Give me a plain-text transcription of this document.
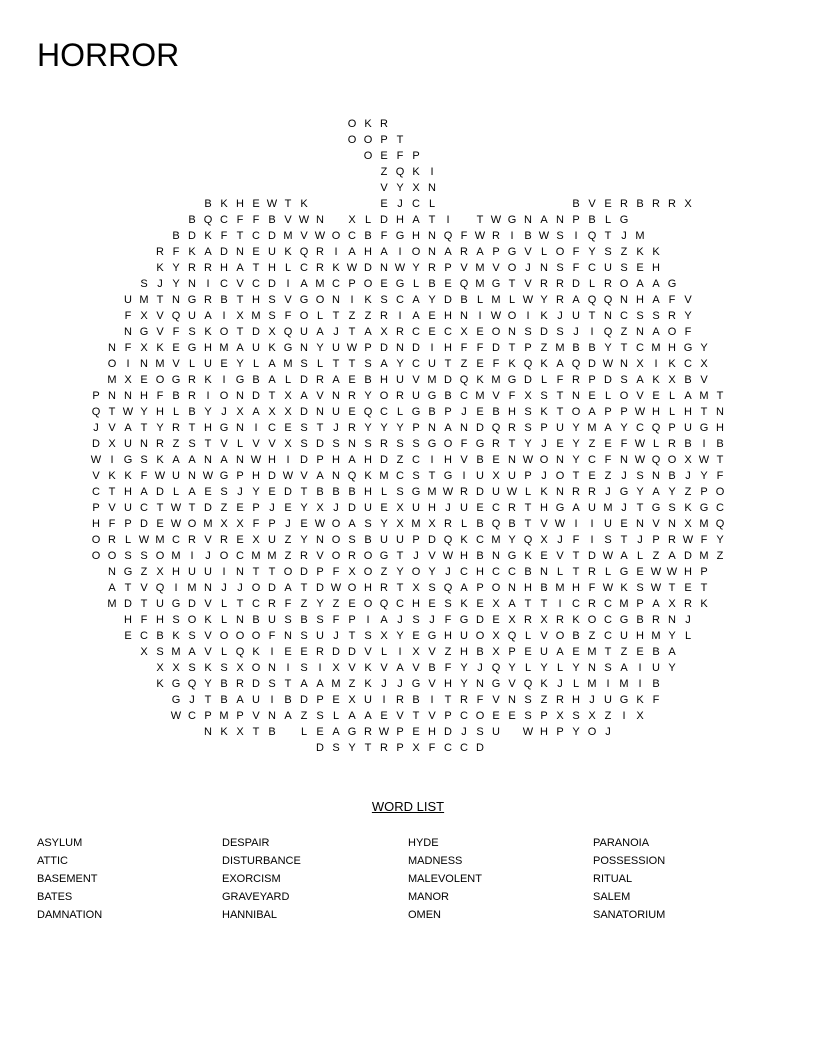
HORROR
O K R
O O P T
O E F P
Z Q K I
V Y X N
B K H E W T K	E J C L	B V E R B R R X
B Q C F F B V W N	X L D H A T	I	T W G N A N P B L G
B D K F T C D M V W O C B F G H N Q F W R I B W S I Q T J M
R F K A D N E U K Q R I A H A I O N A R A P G V L O F Y S Z K K
K Y R R H A T H L C R K W D N W Y R P V M V O J N S F C U S E H
S J Y N I C V C D I A M C P O E G L B E Q M G T V R R D L R O A A G
U M T N G R B T H S V G O N I K S C A Y D B L M L W Y R A Q Q N H A F V
F X V Q U A I X M S F O L T Z Z R I A E H N I W O I K J U T N C S S R Y
N G V F S K O T D X Q U A J T A X R C E C X E O N S D S J	I Q Z N A O F
N F X K E G H M A U K G N Y U W P D N D I H F F D T P Z M B B Y T C M H G Y
O I N M V L U E Y L A M S L T T S A Y C U T Z E F K Q K A Q D W N X I K C X
M X E O G R K I G B A L D R A E B H U V M D Q K M G D L F R P D S A K X B V
P N N H F B R I O N D T X A V N R Y O R U G B C M V F X S T N E L O V E L A M T
Q T W Y H L B Y J X A X X D N U E Q C L G B P J E B H S K T O A P P W H L H T N
J V A T Y R T H G N I C E S T J R Y Y Y P N A N D Q R S P U Y M A Y C Q P U G H
D X U N R Z S T V L V V X S D S N S R S S G O F G R T Y J E Y Z E F W L R B I B
W I G S K A A N A N W H I D P H A H D Z C I H V B E N W O N Y C F N W Q O X W T
V K K F W U N W G P H D W V A N Q K M C S T G I U X U P J O T E Z J S N B J Y F
C T H A D L A E S J Y E D T B B B H L S G M W R D U W L K N R R J G Y A Y Z P O
P V U C T W T D Z E P J E Y X J D U E X U H J U E C R T H G A U M J T G S K G C
H F P D E W O M X X F P J E W O A S Y X M X R L B Q B T V W I	I U E N V N X M Q
O R L W M C R V R E X U Z Y N O S B U U P D Q K C M Y Q X J F	I S T J P R W F Y
O O S S O M I	J O C M M Z R V O R O G T J V W H B N G K E V T D W A L Z A D M Z
N G Z X H U U I N T T O D P F X O Z Y O Y J C H C C B N L T R L G E W W H P
A T V Q I M N J J O D A T D W O H R T X S Q A P O N H B M H F W K S W T E T
M D T U G D V L T C R F Z Y Z E O Q C H E S K E X A T T	I C R C M P A X R K
H F H S O K L N B U S B S F P I A J S J F G D E X R X R K O C G B R N J
E C B K S V O O O F N S U J T S X Y E G H U O X Q L V O B Z C U H M Y L
X S M A V L Q K I E E R D D V L	I X V Z H B X P E U A E M T Z E B A
X X S K S X O N I S I X V K V A V B F Y J Q Y L Y L Y N S A I U Y
K G Q Y B R D S T A A M Z K J J G V H Y N G V Q K J L M I M I B
G J T B A U I B D P E X U I R B I	T R F V N S Z R H J U G K F
W C P M P V N A Z S L A A E V T V P C O E E S P X S X Z	I X
N K X T B	L E A G R W P E H D J S U	W H P Y O J
D S Y T R P X F C C D
WORD LIST
ASYLUM
ATTIC
BASEMENT
BATES
DAMNATION
DESPAIR
DISTURBANCE
EXORCISM
GRAVEYARD
HANNIBAL
HYDE
MADNESS
MALEVOLENT
MANOR
OMEN
PARANOIA
POSSESSION
RITUAL
SALEM
SANATORIUM
